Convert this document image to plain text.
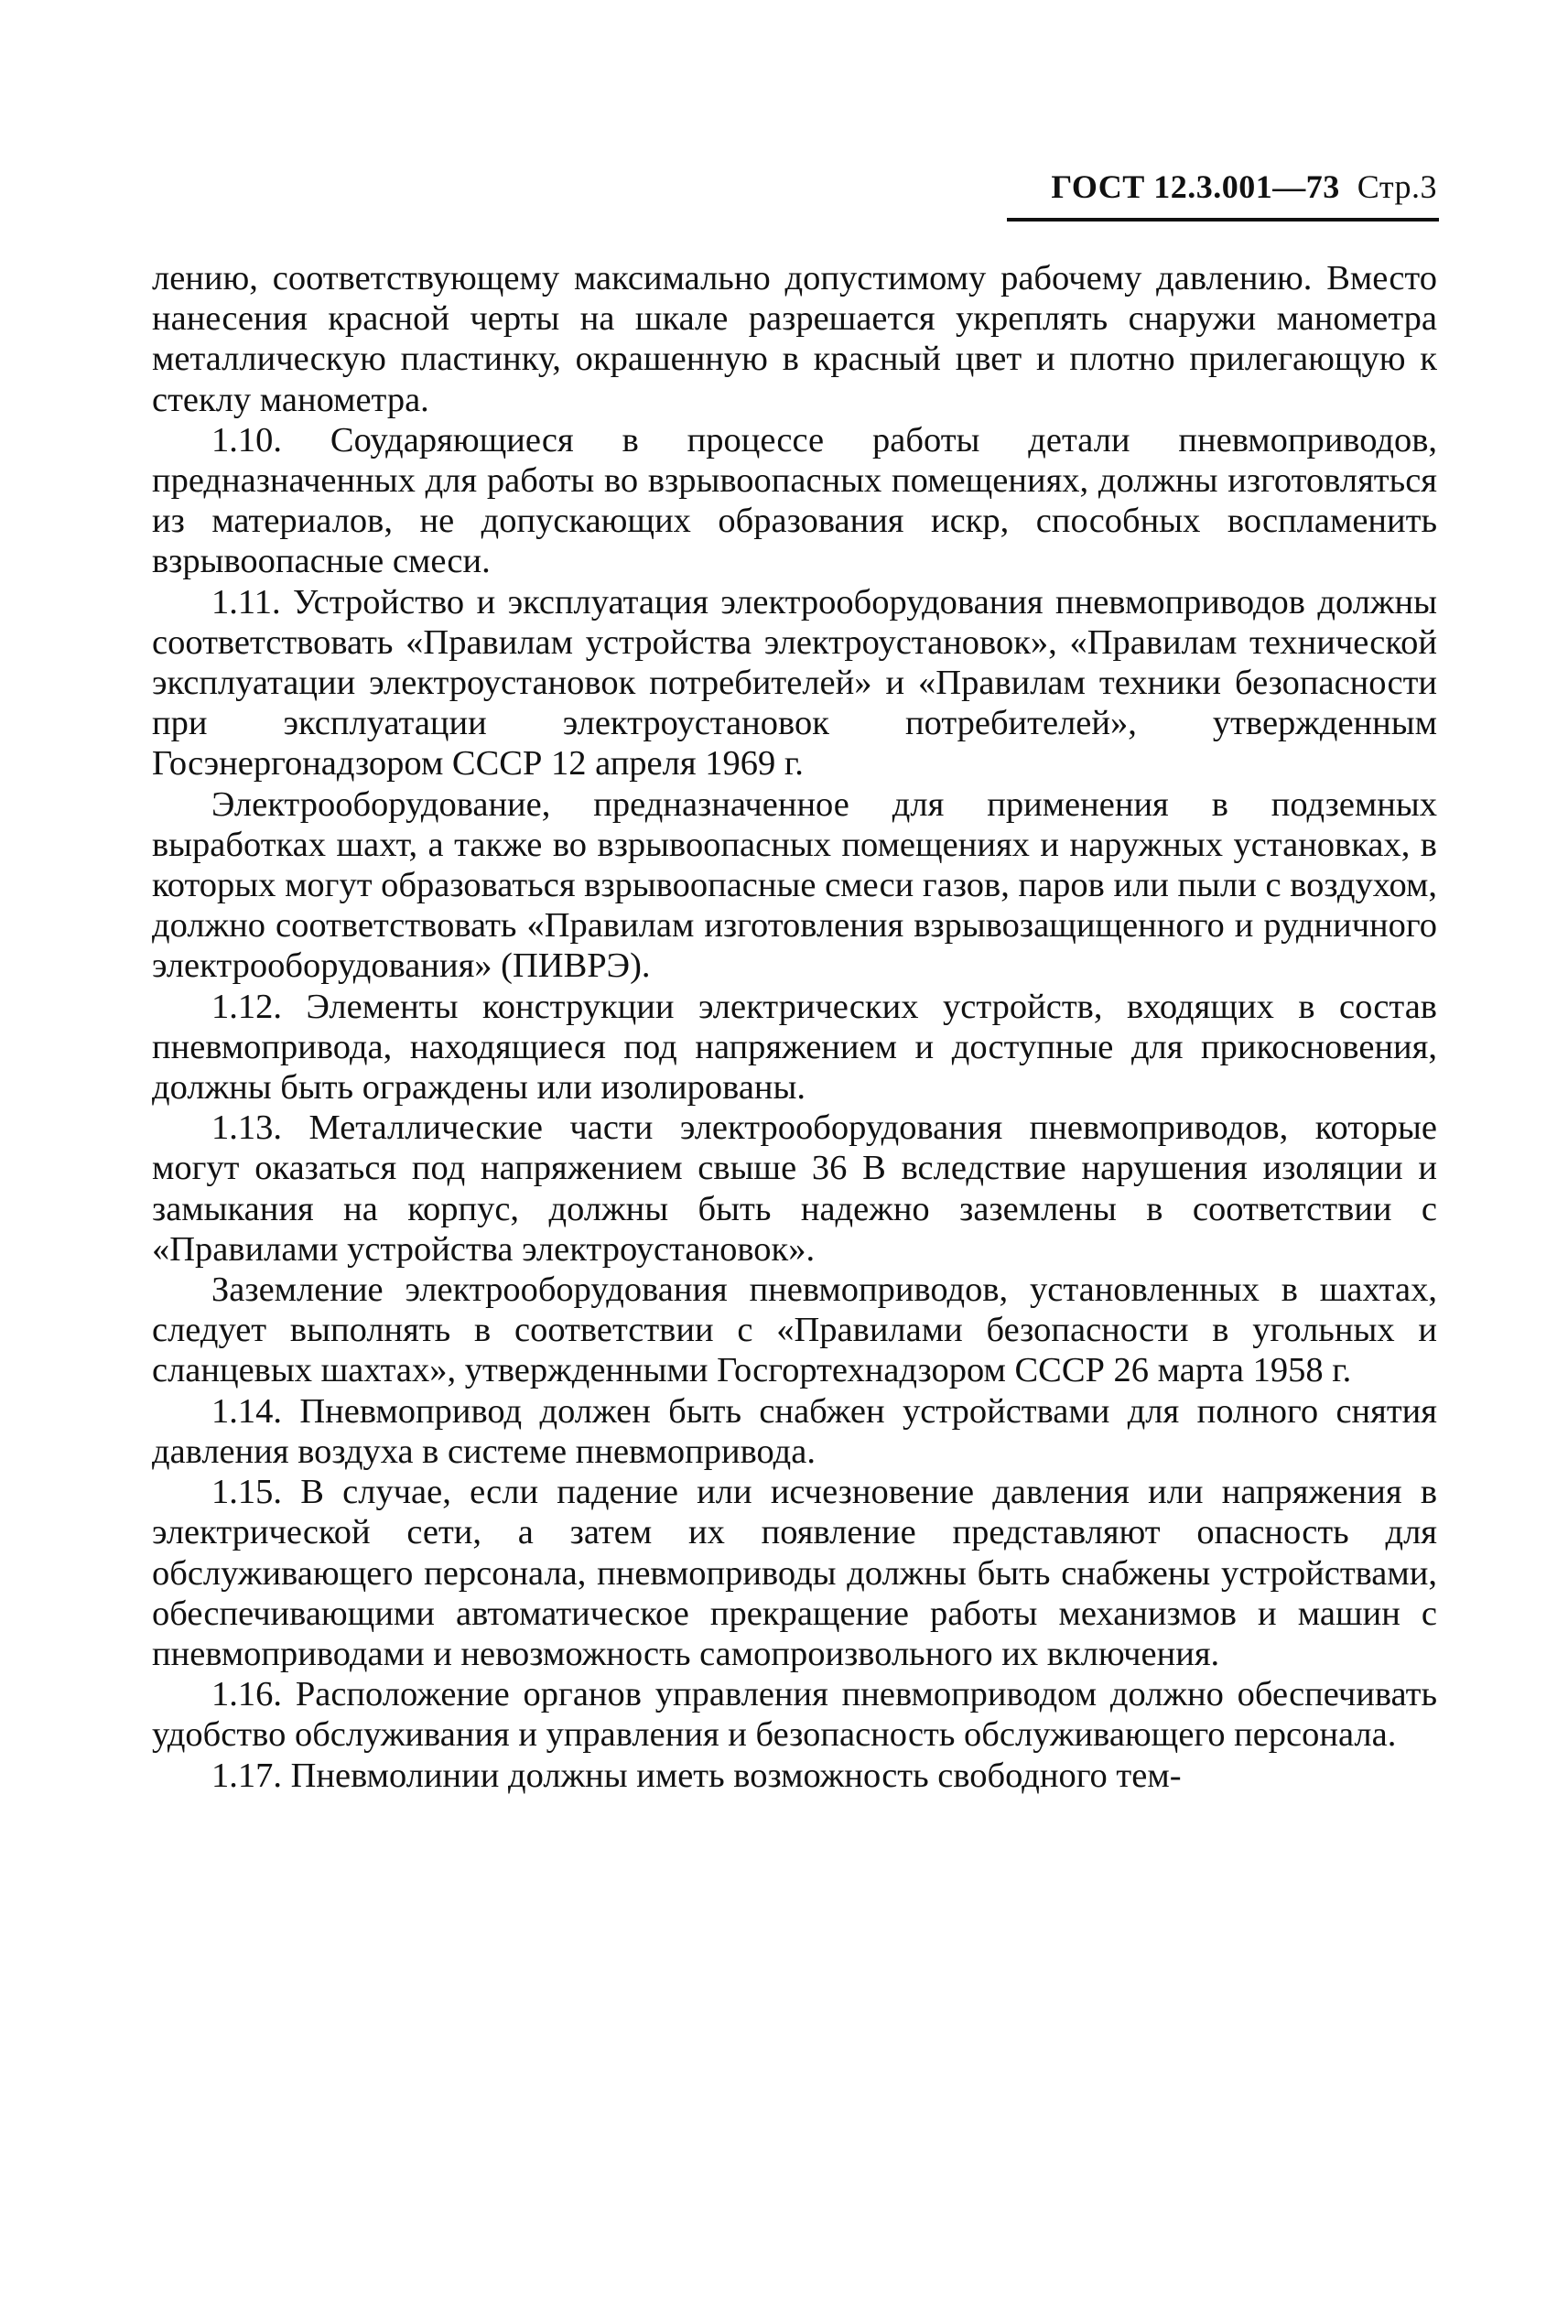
ГОСТ 12.3.001—73 Стр.3

лению, соответствующему максимально допустимому рабочему давлению. Вместо нанесения красной черты на шкале разрешается укреплять снаружи манометра металлическую пластинку, окрашенную в красный цвет и плотно прилегающую к стеклу манометра.

1.10. Соударяющиеся в процессе работы детали пневмоприводов, предназначенных для работы во взрывоопасных помещениях, должны изготовляться из материалов, не допускающих образования искр, способных воспламенить взрывоопасные смеси.

1.11. Устройство и эксплуатация электрооборудования пневмоприводов должны соответствовать «Правилам устройства электроустановок», «Правилам технической эксплуатации электроустановок потребителей» и «Правилам техники безопасности при эксплуатации электроустановок потребителей», утвержденным Госэнергонадзором СССР 12 апреля 1969 г.

Электрооборудование, предназначенное для применения в подземных выработках шахт, а также во взрывоопасных помещениях и наружных установках, в которых могут образоваться взрывоопасные смеси газов, паров или пыли с воздухом, должно соответствовать «Правилам изготовления взрывозащищенного и рудничного электрооборудования» (ПИВРЭ).

1.12. Элементы конструкции электрических устройств, входящих в состав пневмопривода, находящиеся под напряжением и доступные для прикосновения, должны быть ограждены или изолированы.

1.13. Металлические части электрооборудования пневмоприводов, которые могут оказаться под напряжением свыше 36 В вследствие нарушения изоляции и замыкания на корпус, должны быть надежно заземлены в соответствии с «Правилами устройства электроустановок».

Заземление электрооборудования пневмоприводов, установленных в шахтах, следует выполнять в соответствии с «Правилами безопасности в угольных и сланцевых шахтах», утвержденными Госгортехнадзором СССР 26 марта 1958 г.

1.14. Пневмопривод должен быть снабжен устройствами для полного снятия давления воздуха в системе пневмопривода.

1.15. В случае, если падение или исчезновение давления или напряжения в электрической сети, а затем их появление представляют опасность для обслуживающего персонала, пневмоприводы должны быть снабжены устройствами, обеспечивающими автоматическое прекращение работы механизмов и машин с пневмоприводами и невозможность самопроизвольного их включения.

1.16. Расположение органов управления пневмоприводом должно обеспечивать удобство обслуживания и управления и безопасность обслуживающего персонала.

1.17. Пневмолинии должны иметь возможность свободного тем-
